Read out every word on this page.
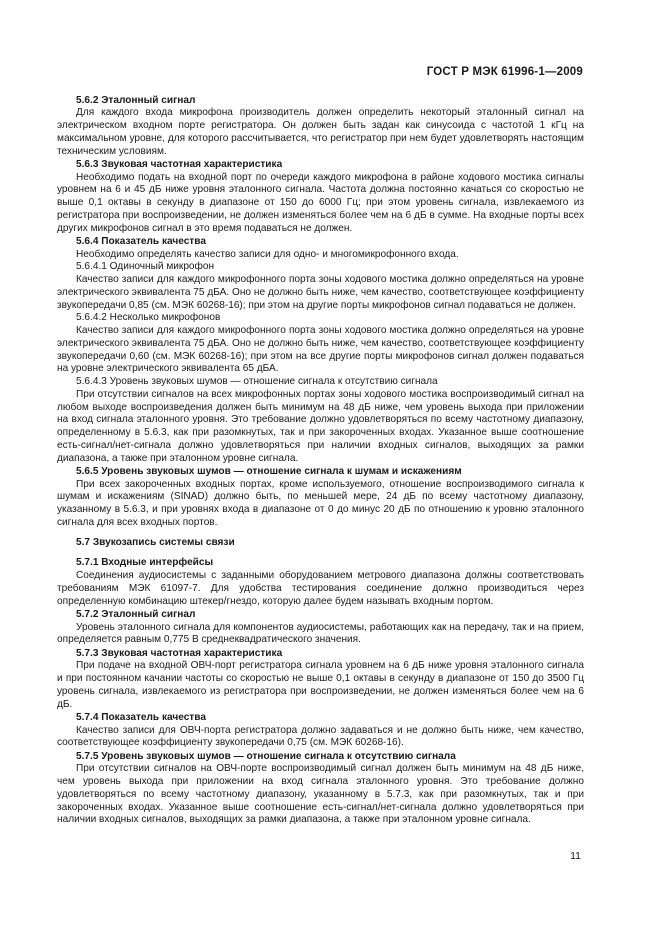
ГОСТ Р МЭК 61996-1—2009

5.6.2 Эталонный сигнал

Для каждого входа микрофона производитель должен определить некоторый эталонный сигнал на электрическом входном порте регистратора. Он должен быть задан как синусоида с частотой 1 кГц на максимальном уровне, для которого рассчитывается, что регистратор при нем будет удовлетворять настоящим техническим условиям.

5.6.3 Звуковая частотная характеристика

Необходимо подать на входной порт по очереди каждого микрофона в районе ходового мостика сигналы уровнем на 6 и 45 дБ ниже уровня эталонного сигнала. Частота должна постоянно качаться со скоростью не выше 0,1 октавы в секунду в диапазоне от 150 до 6000 Гц; при этом уровень сигнала, извлекаемого из регистратора при воспроизведении, не должен изменяться более чем на 6 дБ в сумме. На входные порты всех других микрофонов сигнал в это время подаваться не должен.

5.6.4 Показатель качества

Необходимо определять качество записи для одно- и многомикрофонного входа.

5.6.4.1 Одиночный микрофон

Качество записи для каждого микрофонного порта зоны ходового мостика должно определяться на уровне электрического эквивалента 75 дБА. Оно не должно быть ниже, чем качество, соответствующее коэффициенту звукопередачи 0,85 (см. МЭК 60268-16); при этом на другие порты микрофонов сигнал подаваться не должен.

5.6.4.2 Несколько микрофонов

Качество записи для каждого микрофонного порта зоны ходового мостика должно определяться на уровне электрического эквивалента 75 дБА. Оно не должно быть ниже, чем качество, соответствующее коэффициенту звукопередачи 0,60 (см. МЭК 60268-16); при этом на все другие порты микрофонов сигнал должен подаваться на уровне электрического эквивалента 65 дБА.

5.6.4.3 Уровень звуковых шумов — отношение сигнала к отсутствию сигнала

При отсутствии сигналов на всех микрофонных портах зоны ходового мостика воспроизводимый сигнал на любом выходе воспроизведения должен быть минимум на 48 дБ ниже, чем уровень выхода при приложении на вход сигнала эталонного уровня. Это требование должно удовлетворяться по всему частотному диапазону, определенному в 5.6.3, как при разомкнутых, так и при закороченных входах. Указанное выше соотношение есть-сигнал/нет-сигнала должно удовлетворяться при наличии входных сигналов, выходящих за рамки диапазона, а также при эталонном уровне сигнала.

5.6.5 Уровень звуковых шумов — отношение сигнала к шумам и искажениям

При всех закороченных входных портах, кроме используемого, отношение воспроизводимого сигнала к шумам и искажениям (SINAD) должно быть, по меньшей мере, 24 дБ по всему частотному диапазону, указанному в 5.6.3, и при уровнях входа в диапазоне от 0 до минус 20 дБ по отношению к уровню эталонного сигнала для всех входных портов.

5.7 Звукозапись системы связи

5.7.1 Входные интерфейсы

Соединения аудиосистемы с заданными оборудованием метрового диапазона должны соответствовать требованиям МЭК 61097-7. Для удобства тестирования соединение должно производиться через определенную комбинацию штекер/гнездо, которую далее будем называть входным портом.

5.7.2 Эталонный сигнал

Уровень эталонного сигнала для компонентов аудиосистемы, работающих как на передачу, так и на прием, определяется равным 0,775 В среднеквадратического значения.

5.7.3 Звуковая частотная характеристика

При подаче на входной ОВЧ-порт регистратора сигнала уровнем на 6 дБ ниже уровня эталонного сигнала и при постоянном качании частоты со скоростью не выше 0,1 октавы в секунду в диапазоне от 150 до 3500 Гц уровень сигнала, извлекаемого из регистратора при воспроизведении, не должен изменяться более чем на 6 дБ.

5.7.4 Показатель качества

Качество записи для ОВЧ-порта регистратора должно задаваться и не должно быть ниже, чем качество, соответствующее коэффициенту звукопередачи 0,75 (см. МЭК 60268-16).

5.7.5 Уровень звуковых шумов — отношение сигнала к отсутствию сигнала

При отсутствии сигналов на ОВЧ-порте воспроизводимый сигнал должен быть минимум на 48 дБ ниже, чем уровень выхода при приложении на вход сигнала эталонного уровня. Это требование должно удовлетворяться по всему частотному диапазону, указанному в 5.7.3, как при разомкнутых, так и при закороченных входах. Указанное выше соотношение есть-сигнал/нет-сигнала должно удовлетворяться при наличии входных сигналов, выходящих за рамки диапазона, а также при эталонном уровне сигнала.

11
